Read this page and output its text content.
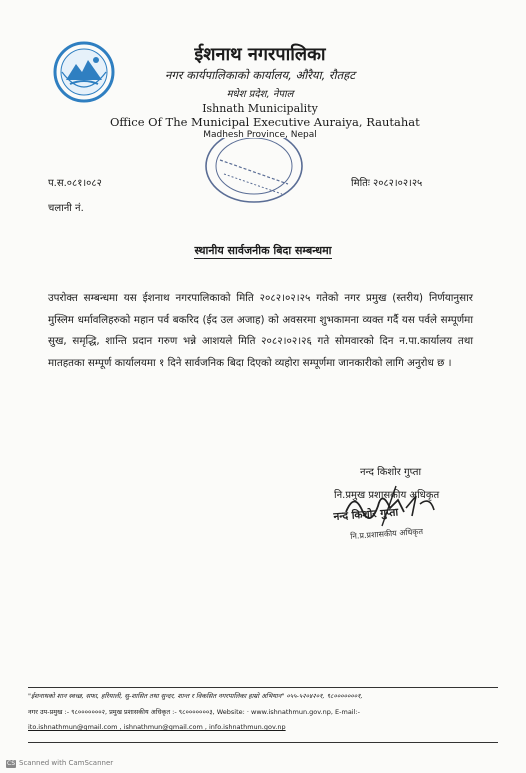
ईशनाथ नगरपालिका
नगर कार्यपालिकाको कार्यालय, औरैया, रौतहट
मधेश प्रदेश, नेपाल
Ishnath Municipality
Office Of The Municipal Executive Auraiya, Rautahat
Madhesh Province, Nepal
प.स.०८१।०८२
चलानी नं.
मितिः २०८२।०२।२५
स्थानीय सार्वजनीक बिदा सम्बन्धमा
उपरोक्त सम्बन्धमा यस ईशनाथ नगरपालिकाको मिति २०८२।०२।२५ गतेको नगर प्रमुख (स्तरीय) निर्णयानुसार मुस्लिम धर्मावलिहरुको महान पर्व बकरिद (ईद उल अजाह) को अवसरमा शुभकामना व्यक्त गर्दै यस पर्वले सम्पूर्णमा सुख, समृद्धि, शान्ति प्रदान गरुण भन्ने आशयले मिति २०८२।०२।२६ गते सोमवारको दिन न.पा.कार्यालय तथा मातहतका सम्पूर्ण कार्यालयमा १ दिने सार्वजनिक बिदा दिएको व्यहोरा सम्पूर्णमा जानकारीको लागि अनुरोध छ ।
नन्द किशोर गुप्ता
नि.प्रमुख प्रशासकीय अधिकृत
नन्द किशोर गुप्ता
नि.प्र.प्रशासकीय अधिकृत
"ईशनाथको शान स्वच्छ, सफा, हरियाली, सु-शासित तथा सुन्दर, शान्त र विकसित नगरपालिका हाम्रो अभियान" ०५५-५२०४२०१, ९८०००००००१,
नगर उप-प्रमुख :- ९८०००००००२, प्रमुख प्रशासकीय अधिकृत :- ९८०००००००३, Website: · www.ishnathmun.gov.np, E-mail:-
ito.ishnathmun@gmail.com , ishnathmun@gmail.com , info.ishnathmun.gov.np
CS Scanned with CamScanner
